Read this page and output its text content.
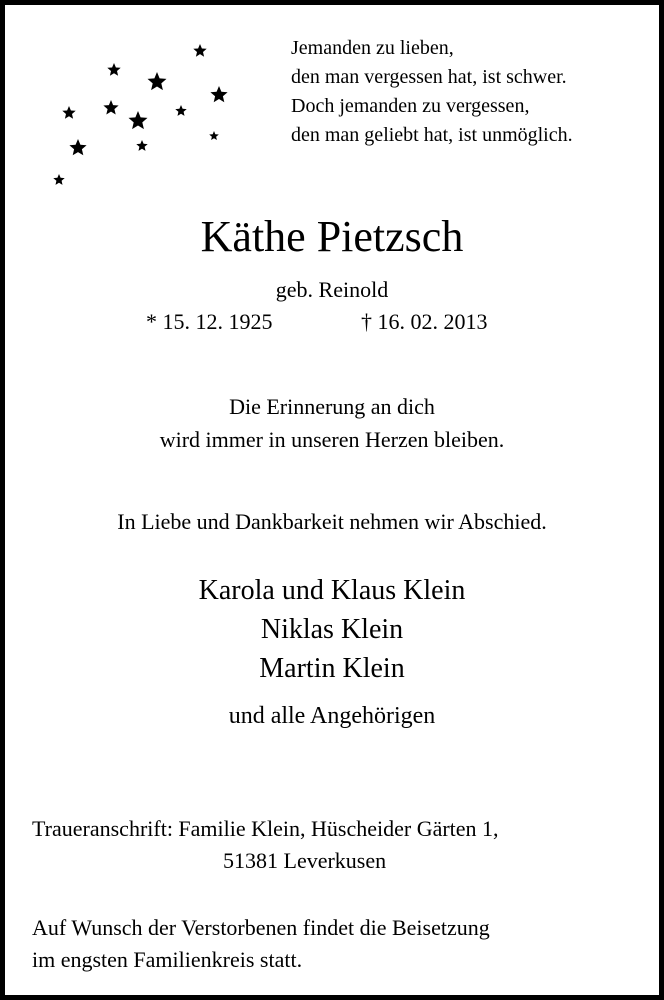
Jemanden zu lieben,
den man vergessen hat, ist schwer.
Doch jemanden zu vergessen,
den man geliebt hat, ist unmöglich.
Käthe Pietzsch
geb. Reinold
* 15. 12. 1925	† 16. 02. 2013
Die Erinnerung an dich
wird immer in unseren Herzen bleiben.
In Liebe und Dankbarkeit nehmen wir Abschied.
Karola und Klaus Klein
Niklas Klein
Martin Klein
und alle Angehörigen
Traueranschrift: Familie Klein, Hüscheider Gärten 1,
51381 Leverkusen
Auf Wunsch der Verstorbenen findet die Beisetzung
im engsten Familienkreis statt.
